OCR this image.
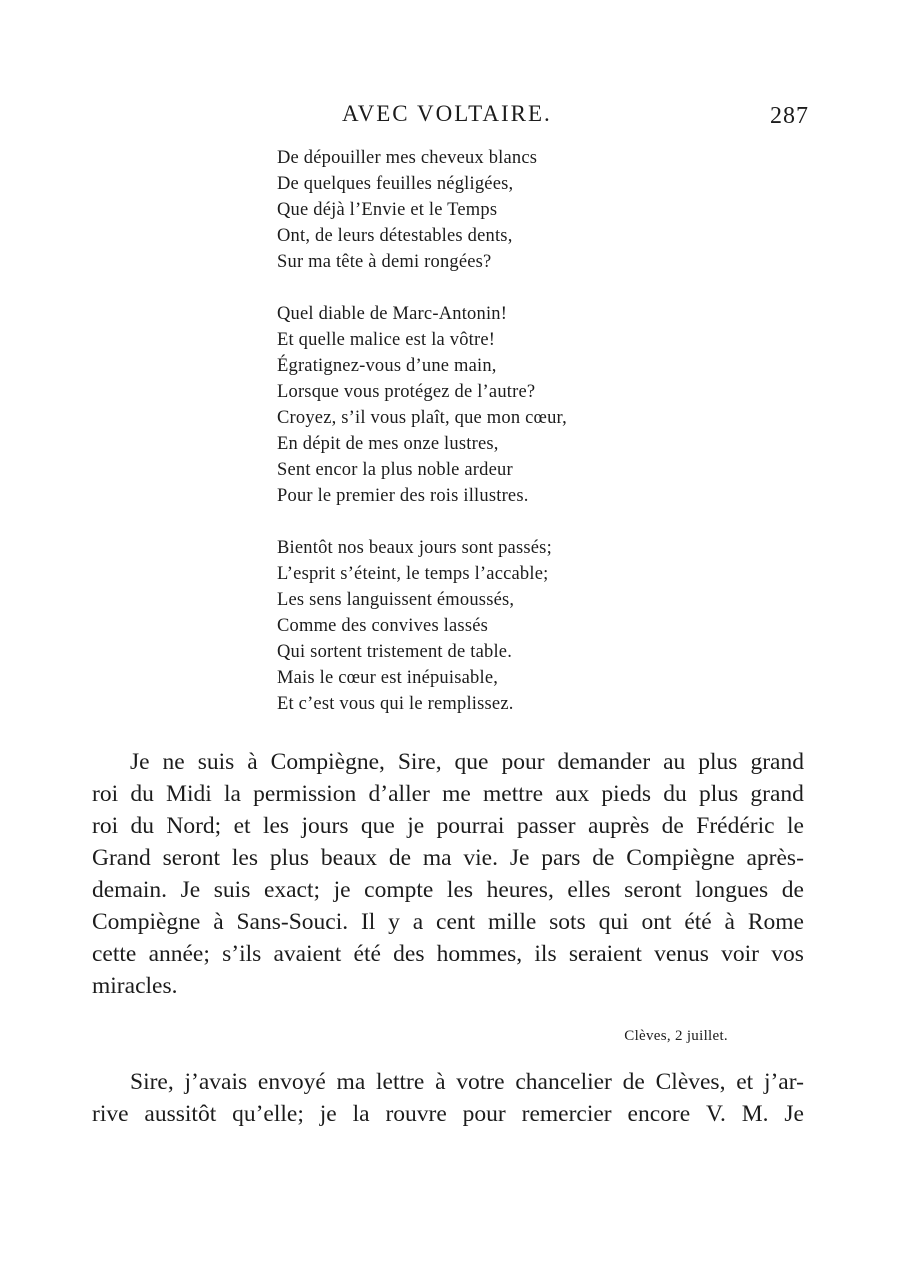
AVEC VOLTAIRE.	287
De dépouiller mes cheveux blancs
De quelques feuilles négligées,
Que déjà l’Envie et le Temps
Ont, de leurs détestables dents,
Sur ma tête à demi rongées?
Quel diable de Marc-Antonin!
Et quelle malice est la vôtre!
Égratignez-vous d’une main,
Lorsque vous protégez de l’autre?
Croyez, s’il vous plaît, que mon cœur,
En dépit de mes onze lustres,
Sent encor la plus noble ardeur
Pour le premier des rois illustres.
Bientôt nos beaux jours sont passés;
L’esprit s’éteint, le temps l’accable;
Les sens languissent émoussés,
Comme des convives lassés
Qui sortent tristement de table.
Mais le cœur est inépuisable,
Et c’est vous qui le remplissez.
Je ne suis à Compiègne, Sire, que pour demander au plus grand
roi du Midi la permission d’aller me mettre aux pieds du plus grand
roi du Nord; et les jours que je pourrai passer auprès de Frédéric le
Grand seront les plus beaux de ma vie. Je pars de Compiègne après-
demain. Je suis exact; je compte les heures, elles seront longues de
Compiègne à Sans-Souci. Il y a cent mille sots qui ont été à Rome
cette année; s’ils avaient été des hommes, ils seraient venus voir vos
miracles.
Clèves, 2 juillet.
Sire, j’avais envoyé ma lettre à votre chancelier de Clèves, et j’ar-
rive aussitôt qu’elle; je la rouvre pour remercier encore V. M. Je
